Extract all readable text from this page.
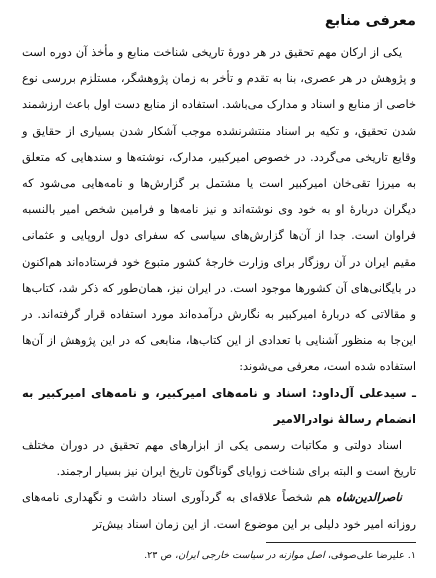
معرفی منابع

یکی از ارکان مهم تحقیق در هر دورهٔ تاریخی شناخت منابع و مأخذ آن دوره است و پژوهش در هر عصری، بنا به تقدم و تأخر به زمان پژوهشگر، مستلزم بررسی نوع خاصی از منابع و اسناد و مدارک می‌باشد. استفاده از منابع دست اول باعث ارزشمند شدن تحقیق، و تکیه بر اسناد منتشرنشده موجب آشکار شدن بسیاری از حقایق و وقایع تاریخی می‌گردد. در خصوص امیرکبیر، مدارک، نوشته‌ها و سندهایی که متعلق به میرزا تقی‌خان امیرکبیر است یا مشتمل بر گزارش‌ها و نامه‌هایی می‌شود که دیگران دربارهٔ او به خود وی نوشته‌اند و نیز نامه‌ها و فرامین شخص امیر بالنسبه فراوان است. جدا از آن‌ها گزارش‌های سیاسی که سفرای دول اروپایی و عثمانی مقیم ایران در آن روزگار برای وزارت خارجهٔ کشور متبوع خود فرستاده‌اند هم‌اکنون در بایگانی‌های آن کشورها موجود است. در ایران نیز، همان‌طور که ذکر شد، کتاب‌ها و مقالاتی که دربارهٔ امیرکبیر به نگارش درآمده‌اند مورد استفاده قرار گرفته‌اند. در این‌جا به منظور آشنایی با تعدادی از این کتاب‌ها، منابعی که در این پژوهش از آن‌ها استفاده شده است، معرفی می‌شوند:

ـ سیدعلی آل‌داود: اسناد و نامه‌های امیرکبیر، و نامه‌های امیرکبیر به انضمام رسالهٔ نوادرالامیر

اسناد دولتی و مکاتبات رسمی یکی از ابزارهای مهم تحقیق در دوران مختلف تاریخ است و البته برای شناخت زوایای گوناگون تاریخ ایران نیز بسیار ارجمند.

ناصرالدین‌شاه هم شخصاً علاقه‌ای به گردآوری اسناد داشت و نگهداری نامه‌های روزانه امیر خود دلیلی بر این موضوع است. از این زمان اسناد بیش‌تر

۱. علیرضا علی‌صوفی، اصل موازنه در سیاست خارجی ایران، ص ۲۳.
